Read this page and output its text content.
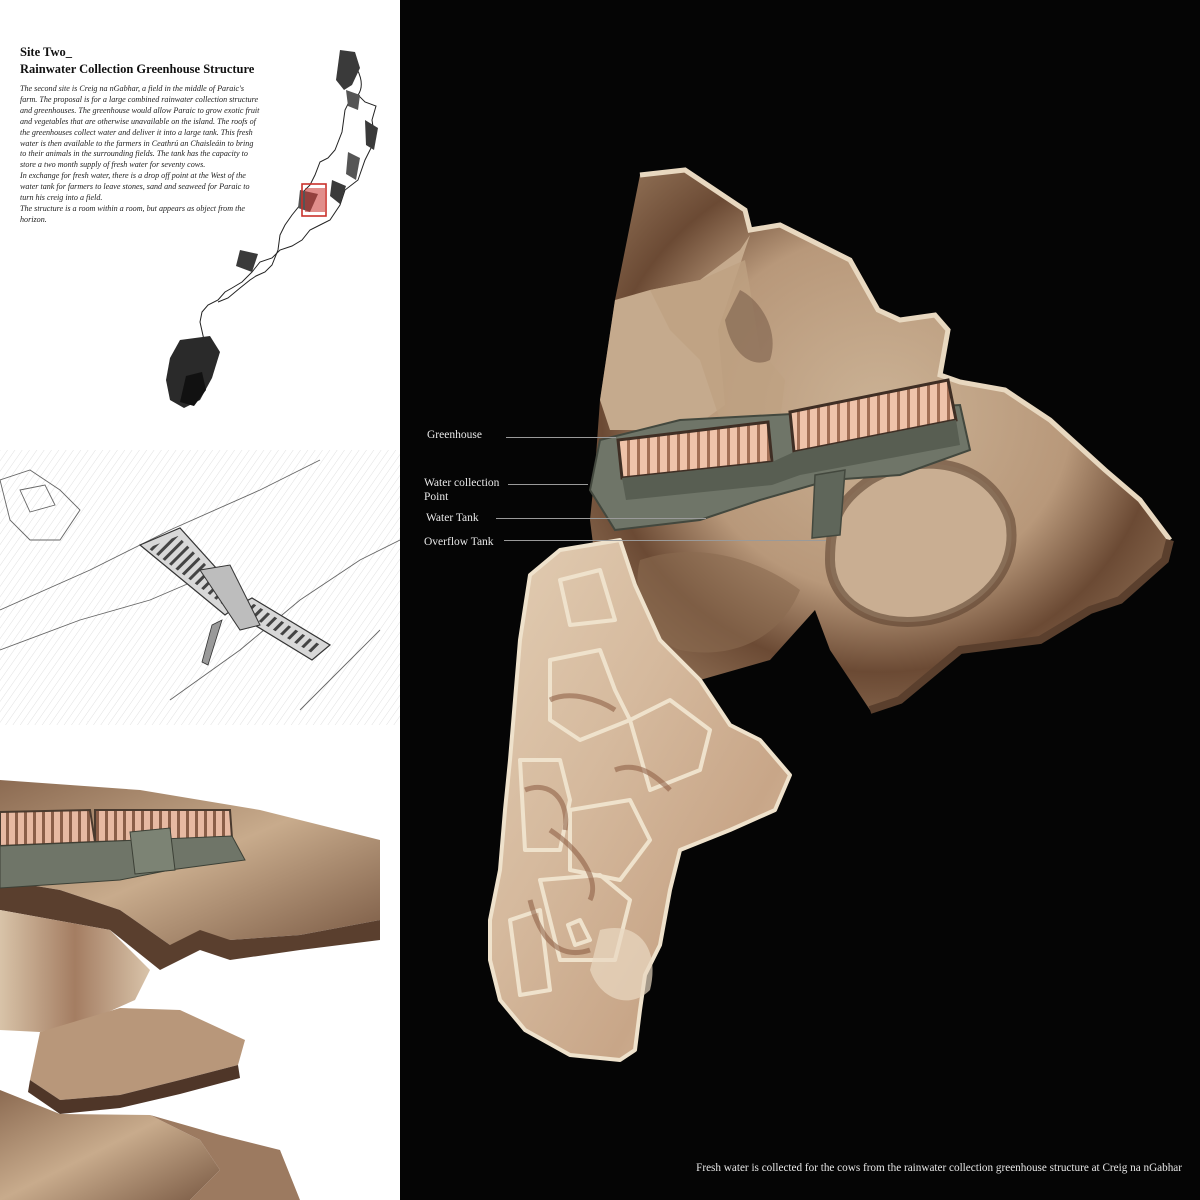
Site Two_
Rainwater Collection Greenhouse Structure

The second site is Creig na nGabhar, a field in the middle of Paraic's farm. The proposal is for a large combined rainwater collection structure and greenhouses. The greenhouse would allow Paraic to grow exotic fruit and vegetables that are otherwise unavailable on the island. The roofs of the greenhouses collect water and deliver it into a large tank. This fresh water is then available to the farmers in Ceathrú an Chaisleáin to bring to their animals in the surrounding fields. The tank has the capacity to store a two month supply of fresh water for seventy cows.

In exchange for fresh water, there is a drop off point at the West of the water tank for farmers to leave stones, sand and seaweed for Paraic to turn his creig into a field.

The structure is a room within a room, but appears as object from the horizon.

Greenhouse
Water collection
Point
Water Tank
Overflow Tank
Fresh water is collected for the cows from the rainwater collection greenhouse structure at Creig na nGabhar
